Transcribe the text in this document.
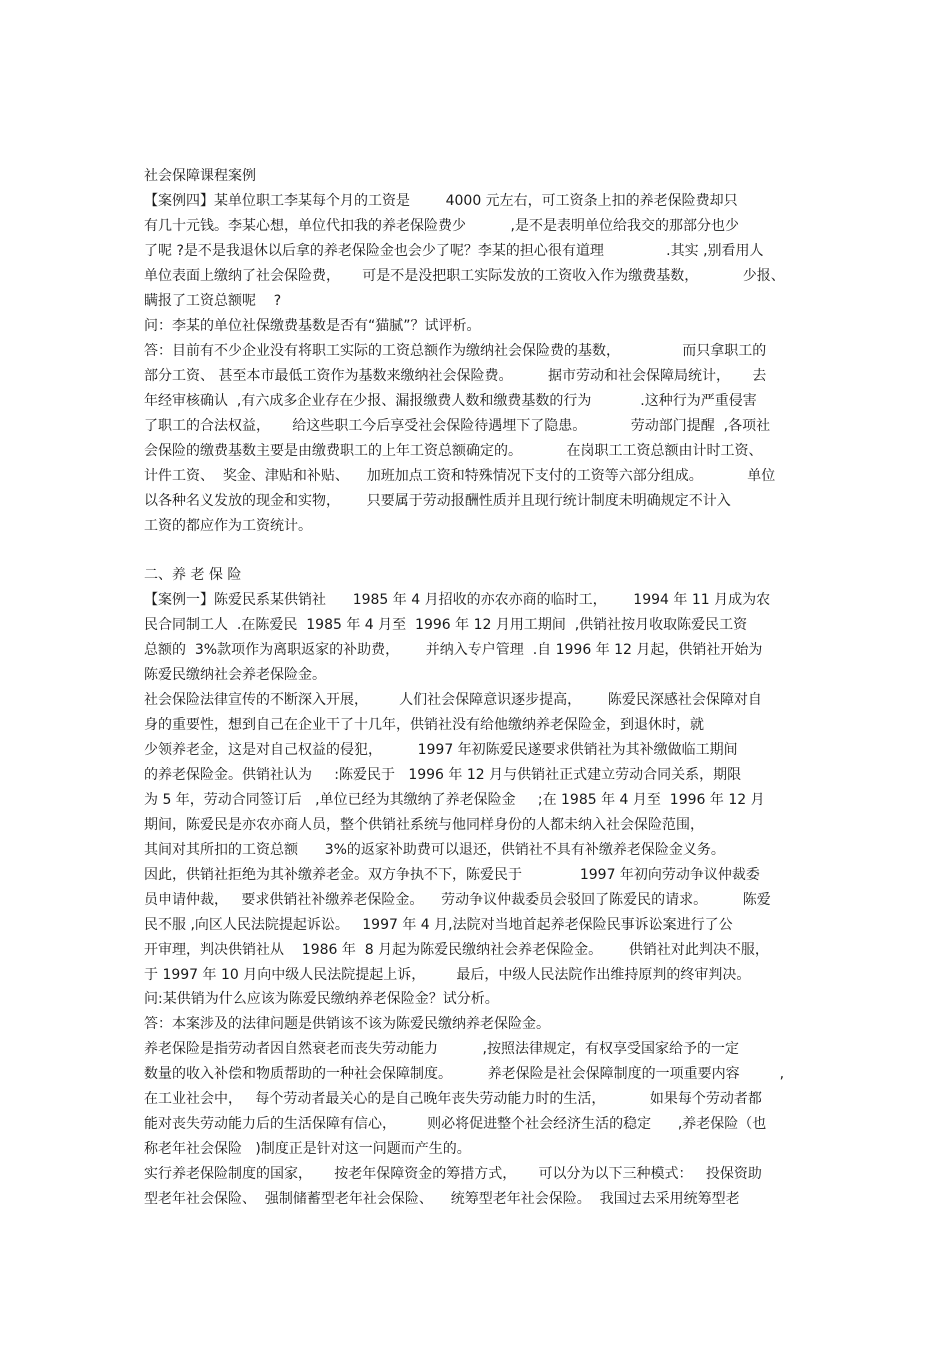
社会保障课程案例
【案例四】某单位职工李某每个月的工资是        4000 元左右，可工资条上扣的养老保险费却只
有几十元钱。李某心想，单位代扣我的养老保险费少          ,是不是表明单位给我交的那部分也少
了呢 ?是不是我退休以后拿的养老保险金也会少了呢？李某的担心很有道理              .其实 ,别看用人
单位表面上缴纳了社会保险费，     可是不是没把职工实际发放的工资收入作为缴费基数，          少报、
瞒报了工资总额呢    ?
问：李某的单位社保缴费基数是否有“猫腻”？试评析。
答：目前有不少企业没有将职工实际的工资总额作为缴纳社会保险费的基数，              而只拿职工的
部分工资、 甚至本市最低工资作为基数来缴纳社会保险费。        据市劳动和社会保障局统计，     去
年经审核确认  ,有六成多企业存在少报、漏报缴费人数和缴费基数的行为           .这种行为严重侵害
了职工的合法权益，     给这些职工今后享受社会保险待遇埋下了隐患。          劳动部门提醒  ,各项社
会保险的缴费基数主要是由缴费职工的上年工资总额确定的。          在岗职工工资总额由计时工资、
计件工资、  奖金、津贴和补贴、    加班加点工资和特殊情况下支付的工资等六部分组成。          单位
以各种名义发放的现金和实物，      只要属于劳动报酬性质并且现行统计制度未明确规定不计入
工资的都应作为工资统计。
二、养 老 保 险
【案例一】陈爱民系某供销社      1985 年 4 月招收的亦农亦商的临时工，      1994 年 11 月成为农
民合同制工人  .在陈爱民  1985 年 4 月至  1996 年 12 月用工期间  ,供销社按月收取陈爱民工资
总额的  3%款项作为离职返家的补助费，      并纳入专户管理  .自 1996 年 12 月起，供销社开始为
陈爱民缴纳社会养老保险金。
社会保险法律宣传的不断深入开展，       人们社会保障意识逐步提高，      陈爱民深感社会保障对自
身的重要性，想到自己在企业干了十几年，供销社没有给他缴纳养老保险金，到退休时，就
少领养老金，这是对自己权益的侵犯，        1997 年初陈爱民遂要求供销社为其补缴做临工期间
的养老保险金。供销社认为     :陈爱民于   1996 年 12 月与供销社正式建立劳动合同关系，期限
为 5 年，劳动合同签订后   ,单位已经为其缴纳了养老保险金     ;在 1985 年 4 月至  1996 年 12 月
期间，陈爱民是亦农亦商人员，整个供销社系统与他同样身份的人都未纳入社会保险范围，
其间对其所扣的工资总额      3%的返家补助费可以退还，供销社不具有补缴养老保险金义务。
因此，供销社拒绝为其补缴养老金。双方争执不下，陈爱民于             1997 年初向劳动争议仲裁委
员申请仲裁，   要求供销社补缴养老保险金。    劳动争议仲裁委员会驳回了陈爱民的请求。        陈爱
民不服 ,向区人民法院提起诉讼。   1997 年 4 月,法院对当地首起养老保险民事诉讼案进行了公
开审理，判决供销社从    1986 年  8 月起为陈爱民缴纳社会养老保险金。      供销社对此判决不服，
于 1997 年 10 月向中级人民法院提起上诉，       最后，中级人民法院作出维持原判的终审判决。
问:某供销为什么应该为陈爱民缴纳养老保险金？试分析。
答：本案涉及的法律问题是供销该不该为陈爱民缴纳养老保险金。
养老保险是指劳动者因自然衰老而丧失劳动能力          ,按照法律规定，有权享受国家给予的一定
数量的收入补偿和物质帮助的一种社会保障制度。        养老保险是社会保障制度的一项重要内容         ,
在工业社会中，   每个劳动者最关心的是自己晚年丧失劳动能力时的生活，          如果每个劳动者都
能对丧失劳动能力后的生活保障有信心，       则必将促进整个社会经济生活的稳定      ,养老保险（也
称老年社会保险   )制度正是针对这一问题而产生的。
实行养老保险制度的国家，     按老年保障资金的筹措方式，     可以分为以下三种模式：   投保资助
型老年社会保险、  强制储蓄型老年社会保险、    统筹型老年社会保险。  我国过去采用统筹型老
